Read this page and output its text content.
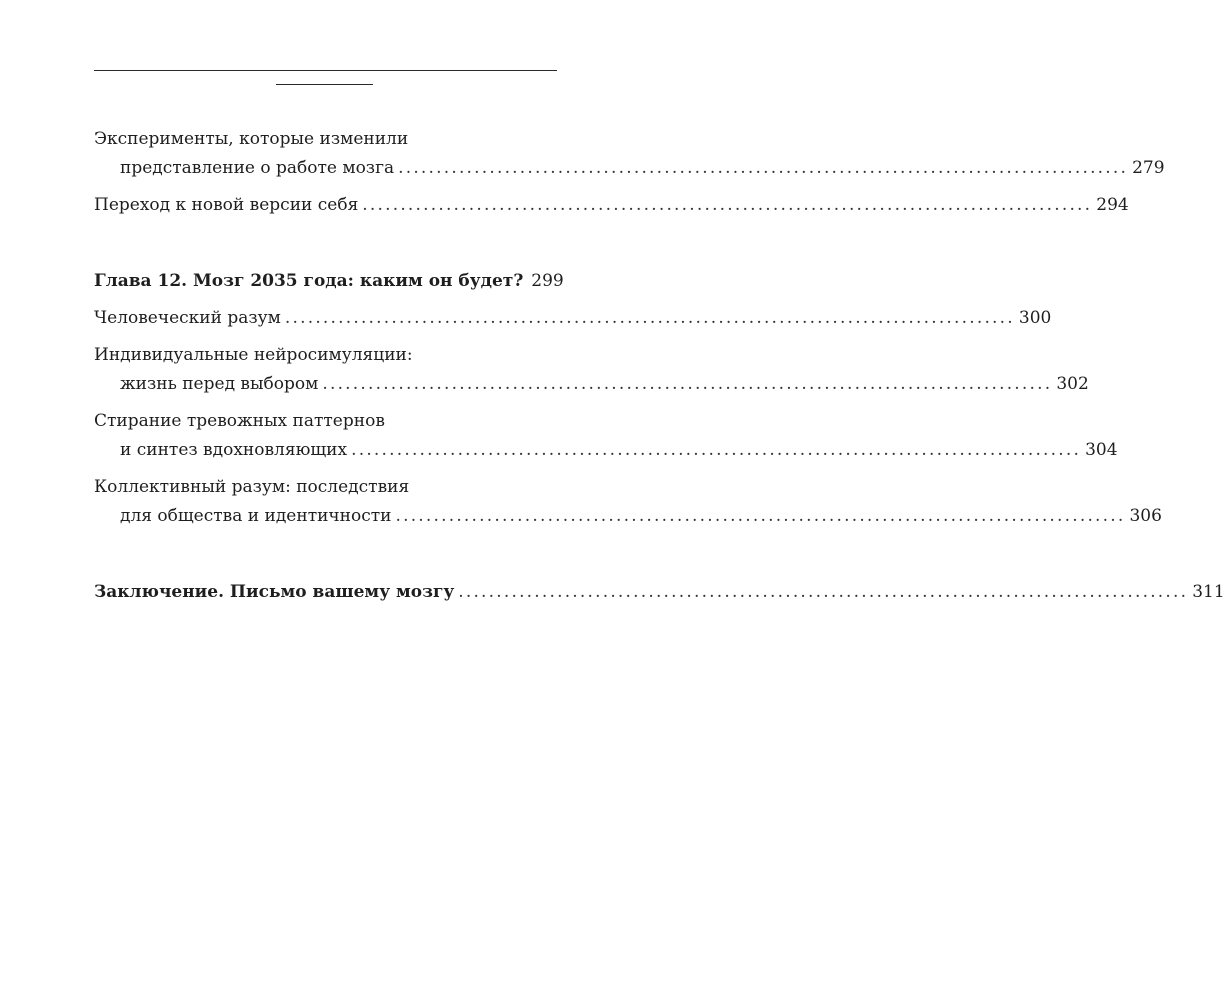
Эксперименты, которые изменили
представление о работе мозга ................................................................................................ 279
Переход к новой версии себя ................................................................................................ 294
Глава 12. Мозг 2035 года: каким он будет? 299
Человеческий разум ................................................................................................ 300
Индивидуальные нейросимуляции:
жизнь перед выбором ................................................................................................ 302
Стирание тревожных паттернов
и синтез вдохновляющих ................................................................................................ 304
Коллективный разум: последствия
для общества и идентичности ................................................................................................ 306
Заключение. Письмо вашему мозгу ................................................................................................ 311
